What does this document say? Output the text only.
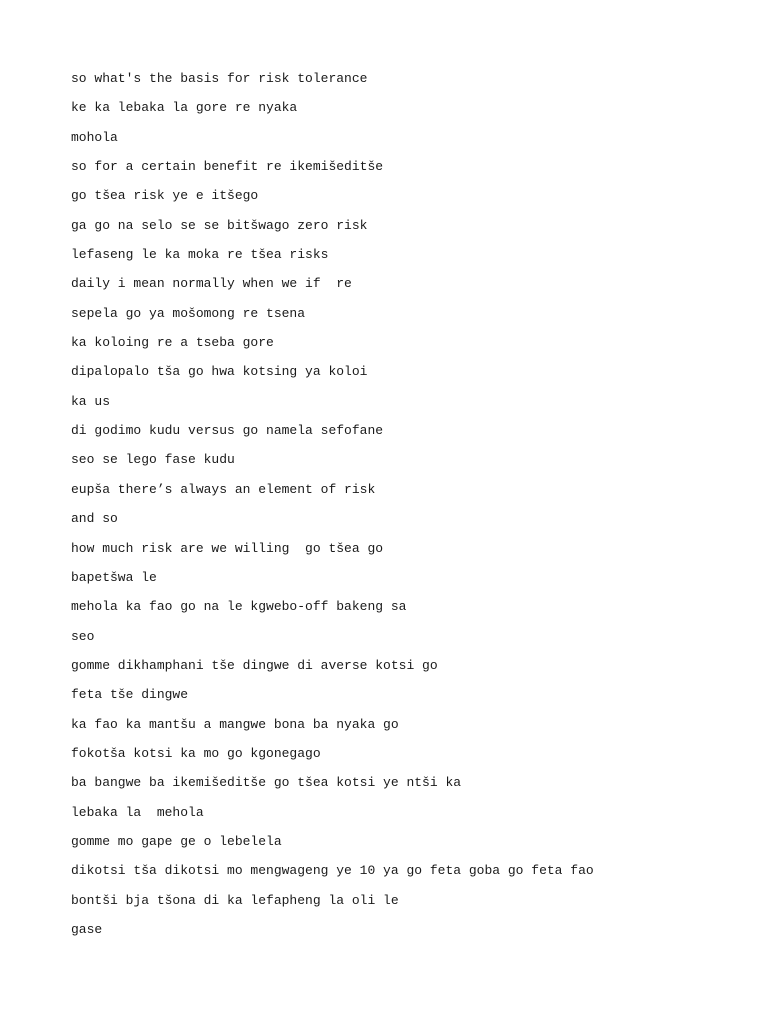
so what's the basis for risk tolerance
ke ka lebaka la gore re nyaka
mohola
so for a certain benefit re ikemišeditše
go tšea risk ye e itšego
ga go na selo se se bitšwago zero risk
lefaseng le ka moka re tšea risks
daily i mean normally when we if  re
sepela go ya mošomong re tsena
ka koloing re a tseba gore
dipalopalo tša go hwa kotsing ya koloi
ka us
di godimo kudu versus go namela sefofane
seo se lego fase kudu
eupša there’s always an element of risk
and so
how much risk are we willing  go tšea go
bapetšwa le
mehola ka fao go na le kgwebo-off bakeng sa
seo
gomme dikhamphani tše dingwe di averse kotsi go
feta tše dingwe
ka fao ka mantšu a mangwe bona ba nyaka go
fokotša kotsi ka mo go kgonegago
ba bangwe ba ikemišeditše go tšea kotsi ye ntši ka
lebaka la  mehola
gomme mo gape ge o lebelela
dikotsi tša dikotsi mo mengwageng ye 10 ya go feta goba go feta fao
bontši bja tšona di ka lefapheng la oli le
gase
